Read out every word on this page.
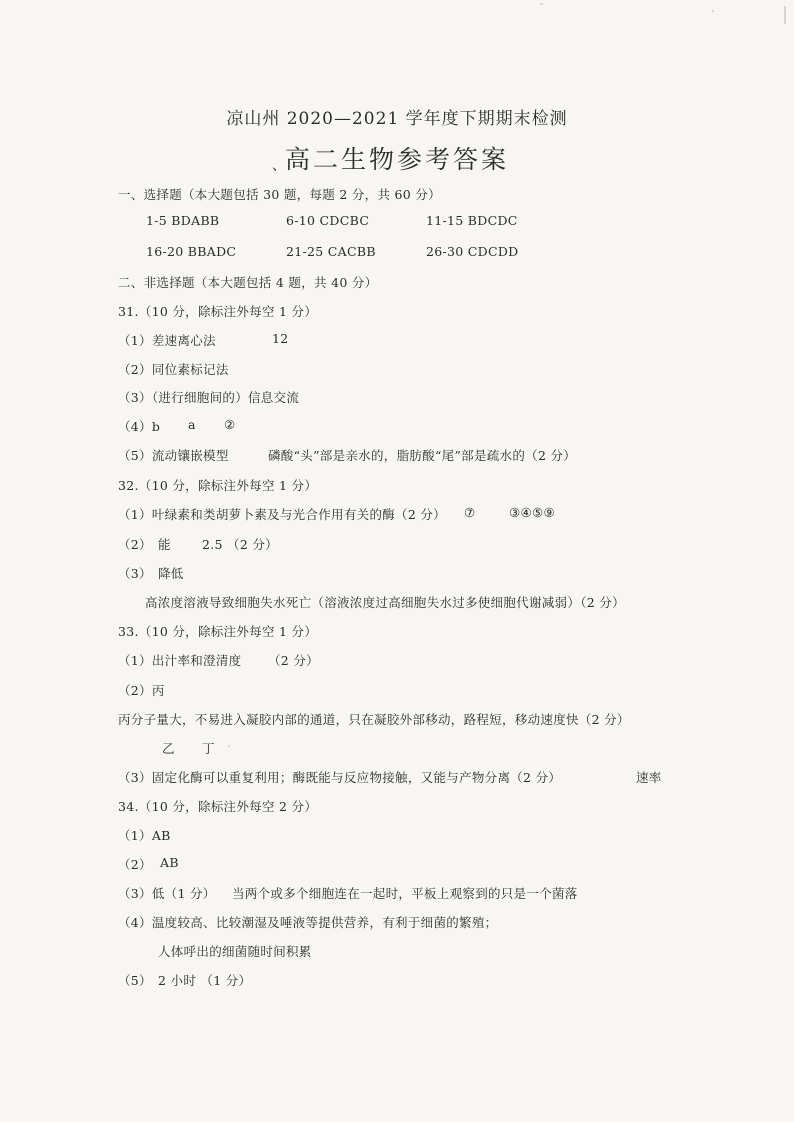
凉山州 2020—2021 学年度下期期末检测
、
高二生物参考答案
一、选择题（本大题包括 30 题，每题 2 分，共 60 分）
1-5 BDABB	6-10 CDCBC	11-15 BDCDC
16-20 BBADC	21-25 CACBB	26-30 CDCDD
二、非选择题（本大题包括 4 题，共 40 分）
31.（10 分，除标注外每空 1 分）
（1）差速离心法	12
（2）同位素标记法
（3）（进行细胞间的）信息交流
（4）b a ②
（5）流动镶嵌模型	磷酸“头”部是亲水的，脂肪酸“尾”部是疏水的（2 分）
32.（10 分，除标注外每空 1 分）
（1）叶绿素和类胡萝卜素及与光合作用有关的酶（2 分） ⑦	③④⑤⑨
（2） 能 2.5 （2 分）
（3） 降低
高浓度溶液导致细胞失水死亡（溶液浓度过高细胞失水过多使细胞代谢减弱）（2 分）
33.（10 分，除标注外每空 1 分）
（1）出汁率和澄清度 （2 分）
（2）丙
丙分子量大，不易进入凝胶内部的通道，只在凝胶外部移动，路程短，移动速度快（2 分）
乙 丁
（3）固定化酶可以重复利用；酶既能与反应物接触，又能与产物分离（2 分）	速率
34.（10 分，除标注外每空 2 分）
（1）AB
（2） AB
（3）低（1 分） 当两个或多个细胞连在一起时，平板上观察到的只是一个菌落
（4）温度较高、比较潮湿及唾液等提供营养，有利于细菌的繁殖；
人体呼出的细菌随时间积累
（5） 2 小时 （1 分）
